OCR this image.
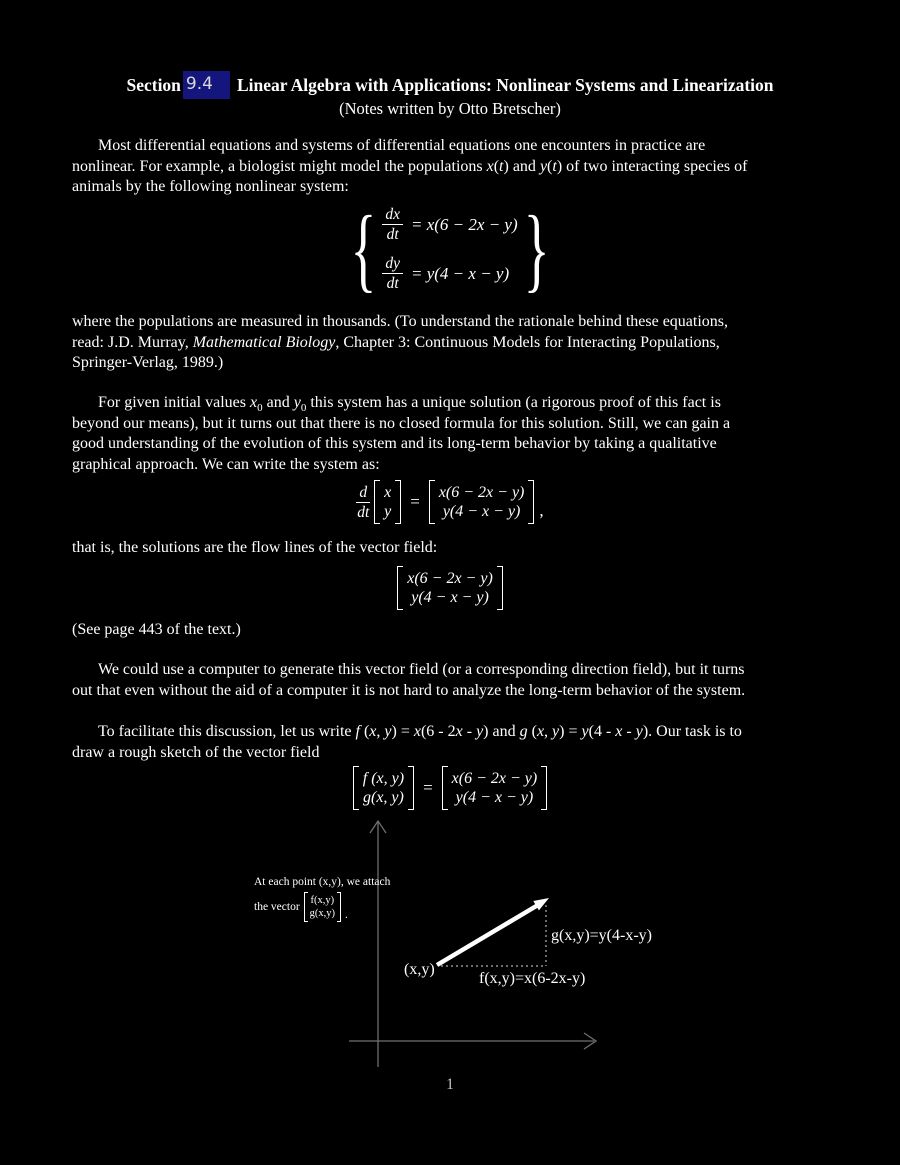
Section 9.4	Linear Algebra with Applications: Nonlinear Systems and Linearization
(Notes written by Otto Bretscher)

Most differential equations and systems of differential equations one encounters in practice are
nonlinear. For example, a biologist might model the populations x(t) and y(t) of two interacting species of
animals by the following nonlinear system:

{ $\frac{dx}{dt} = x(6 - 2x - y)$
$\frac{dy}{dt} = y(4 - x - y)$ }

where the populations are measured in thousands. (To understand the rationale behind these equations,
read: J.D. Murray, Mathematical Biology, Chapter 3: Continuous Models for Interacting Populations,
Springer-Verlag, 1989.)

For given initial values $x_0$ and $y_0$ this system has a unique solution (a rigorous proof of this fact is
beyond our means), but it turns out that there is no closed formula for this solution. Still, we can gain a
good understanding of the evolution of this system and its long-term behavior by taking a qualitative
graphical approach. We can write the system as:

$\frac{d}{dt}$ x
y
= x(6 − 2x − y)
y(4 − x − y) ,

that is, the solutions are the flow lines of the vector field:

x(6 − 2x − y)
y(4 − x − y)

(See page 443 of the text.)

We could use a computer to generate this vector field (or a corresponding direction field), but it turns
out that even without the aid of a computer it is not hard to analyze the long-term behavior of the system.

To facilitate this discussion, let us write f (x, y) = x(6 - 2x - y) and g (x, y) = y(4 - x - y). Our task is to
draw a rough sketch of the vector field

f (x, y)
g(x, y)
= x(6 − 2x − y)
y(4 − x − y)
At each point (x,y), we attach
the vector
f(x,y)
g(x,y) .
(x,y)
f(x,y)=x(6-2x-y)
g(x,y)=y(4-x-y)
1
